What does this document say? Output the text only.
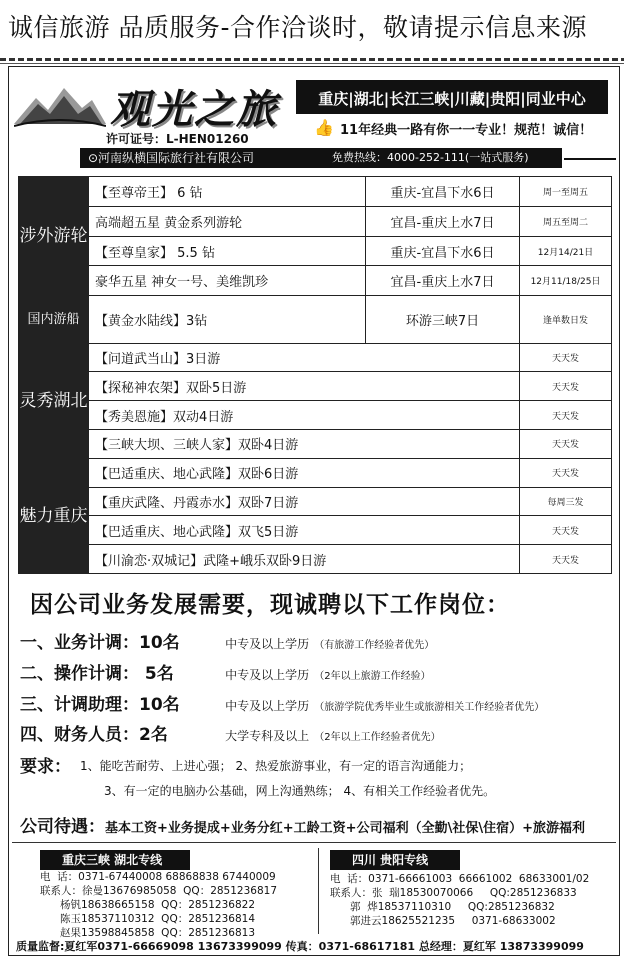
诚信旅游 品质服务-合作洽谈时，敬请提示信息来源
观光之旅
许可证号：L-HEN01260
重庆|湖北|长江三峡|川藏|贵阳|同业中心
👍 11年经典一路有你一一专业！规范！诚信！
⊙河南纵横国际旅行社有限公司	免费热线：4000-252-111(一站式服务)
涉外游轮	【至尊帝王】 6 钻	重庆-宜昌下水6日	周一至周五
	高端超五星 黄金系列游轮	宜昌-重庆上水7日	周五至周二
	【至尊皇家】 5.5 钻	重庆-宜昌下水6日	12月14/21日
	豪华五星 神女一号、美维凯珍	宜昌-重庆上水7日	12月11/18/25日
国内游船	【黄金水陆线】3钻	环游三峡7日	逢单数日发
灵秀湖北	【问道武当山】3日游		天天发
	【探秘神农架】双卧5日游		天天发
	【秀美恩施】双动4日游		天天发
	【三峡大坝、三峡人家】双卧4日游		天天发
魅力重庆	【巴适重庆、地心武隆】双卧6日游		天天发
	【重庆武隆、丹霞赤水】双卧7日游		每周三发
	【巴适重庆、地心武隆】双飞5日游		天天发
	【川渝恋·双城记】武隆+峨乐双卧9日游		天天发
因公司业务发展需要，现诚聘以下工作岗位：
一、业务计调：10名	中专及以上学历 （有旅游工作经验者优先）
二、操作计调： 5名	中专及以上学历 （2年以上旅游工作经验）
三、计调助理：10名	中专及以上学历 （旅游学院优秀毕业生或旅游相关工作经验者优先）
四、财务人员：2名	大学专科及以上 （2年以上工作经验者优先）
要求： 1、能吃苦耐劳、上进心强； 2、热爱旅游事业，有一定的语言沟通能力；
3、有一定的电脑办公基础，网上沟通熟练； 4、有相关工作经验者优先。
公司待遇：基本工资+业务提成+业务分红+工龄工资+公司福利（全勤\社保\住宿）+旅游福利
重庆三峡 湖北专线
电  话：0371-67440008 68868838 67440009
联系人：徐曼13676985058  QQ：2851236817
杨钒18638665158  QQ：2851236822
陈玉18537110312  QQ：2851236814
赵果13598845858  QQ：2851236813
四川 贵阳专线
电  话：0371-66661003  66661002  68633001/02
联系人：张  瑞18530070066     QQ:2851236833
郭  烨18537110310     QQ:2851236832
郭进云18625521235     0371-68633002
质量监督:夏红军0371-66669098 13673399099 传真：0371-68617181 总经理：夏红军 13873399099
